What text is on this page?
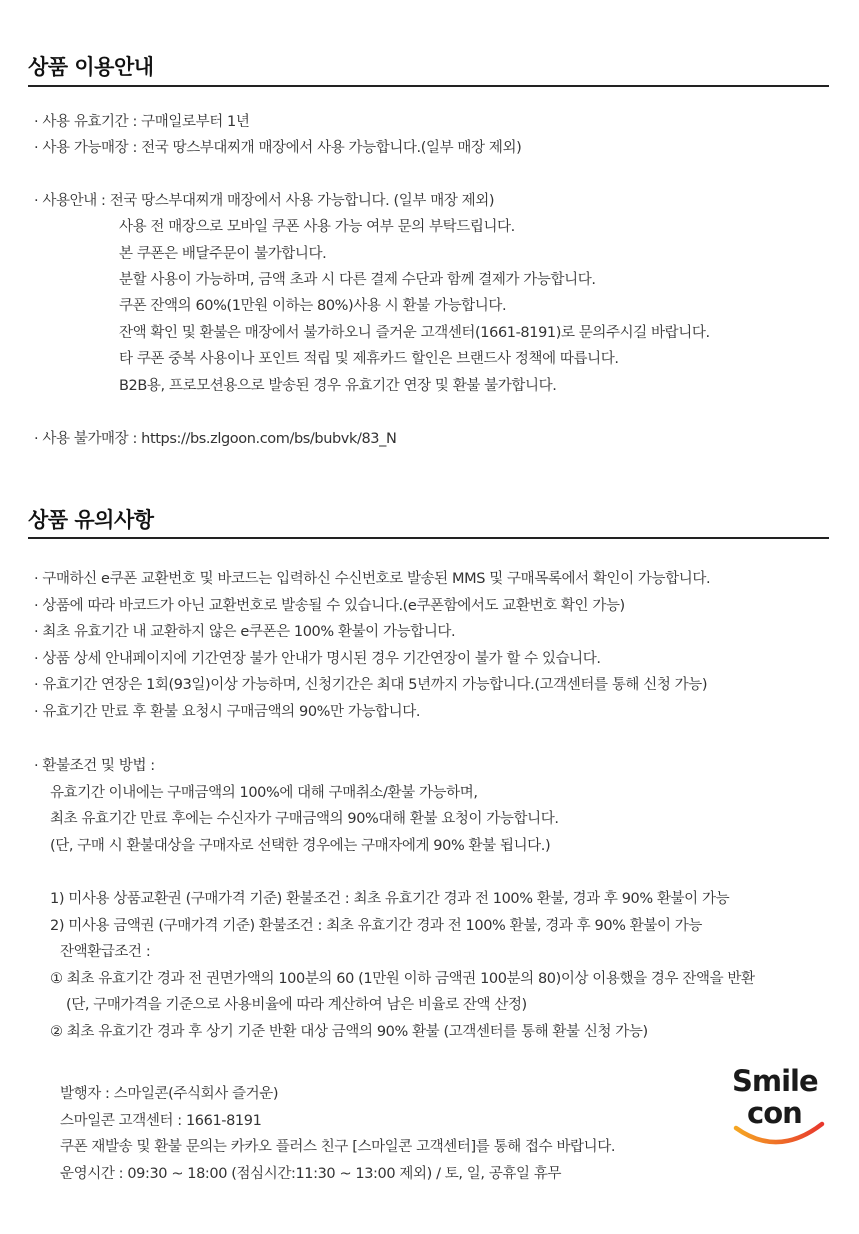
상품 이용안내
· 사용 유효기간 : 구매일로부터 1년
· 사용 가능매장 : 전국 땅스부대찌개 매장에서 사용 가능합니다.(일부 매장 제외)
· 사용안내 : 전국 땅스부대찌개 매장에서 사용 가능합니다. (일부 매장 제외)
사용 전 매장으로 모바일 쿠폰 사용 가능 여부 문의 부탁드립니다.
본 쿠폰은 배달주문이 불가합니다.
분할 사용이 가능하며, 금액 초과 시 다른 결제 수단과 함께 결제가 가능합니다.
쿠폰 잔액의 60%(1만원 이하는 80%)사용 시 환불 가능합니다.
잔액 확인 및 환불은 매장에서 불가하오니 즐거운 고객센터(1661-8191)로 문의주시길 바랍니다.
타 쿠폰 중복 사용이나 포인트 적립 및 제휴카드 할인은 브랜드사 정책에 따릅니다.
B2B용, 프로모션용으로 발송된 경우 유효기간 연장 및 환불 불가합니다.
· 사용 불가매장 : https://bs.zlgoon.com/bs/bubvk/83_N
상품 유의사항
· 구매하신 e쿠폰 교환번호 및 바코드는 입력하신 수신번호로 발송된 MMS 및 구매목록에서 확인이 가능합니다.
· 상품에 따라 바코드가 아닌 교환번호로 발송될 수 있습니다.(e쿠폰함에서도 교환번호 확인 가능)
· 최초 유효기간 내 교환하지 않은 e쿠폰은 100% 환불이 가능합니다.
· 상품 상세 안내페이지에 기간연장 불가 안내가 명시된 경우 기간연장이 불가 할 수 있습니다.
· 유효기간 연장은 1회(93일)이상 가능하며, 신청기간은 최대 5년까지 가능합니다.(고객센터를 통해 신청 가능)
· 유효기간 만료 후 환불 요청시 구매금액의 90%만 가능합니다.
· 환불조건 및 방법 :
유효기간 이내에는 구매금액의 100%에 대해 구매취소/환불 가능하며,
최초 유효기간 만료 후에는 수신자가 구매금액의 90%대해 환불 요청이 가능합니다.
(단, 구매 시 환불대상을 구매자로 선택한 경우에는 구매자에게 90% 환불 됩니다.)
1) 미사용 상품교환권 (구매가격 기준) 환불조건 : 최초 유효기간 경과 전 100% 환불, 경과 후 90% 환불이 가능
2) 미사용 금액권 (구매가격 기준) 환불조건 : 최초 유효기간 경과 전 100% 환불, 경과 후 90% 환불이 가능
잔액환급조건 :
① 최초 유효기간 경과 전 권면가액의 100분의 60 (1만원 이하 금액권 100분의 80)이상 이용했을 경우 잔액을 반환
(단, 구매가격을 기준으로 사용비율에 따라 계산하여 남은 비율로 잔액 산정)
② 최초 유효기간 경과 후 상기 기준 반환 대상 금액의 90% 환불 (고객센터를 통해 환불 신청 가능)
발행자 : 스마일콘(주식회사 즐거운)
스마일콘 고객센터 : 1661-8191
쿠폰 재발송 및 환불 문의는 카카오 플러스 친구 [스마일콘 고객센터]를 통해 접수 바랍니다.
운영시간 : 09:30 ~ 18:00 (점심시간:11:30 ~ 13:00 제외) / 토, 일, 공휴일 휴무
Smile
con
